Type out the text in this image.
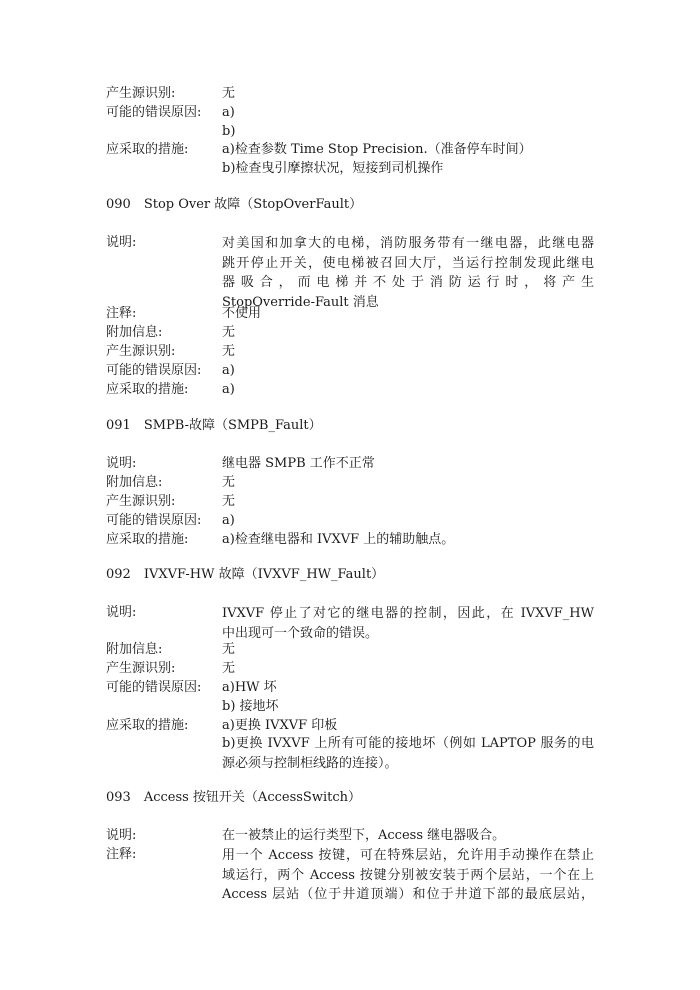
产生源识别:	无
可能的错误原因: a)
b)
应采取的措施:	a)检查参数 Time Stop Precision.（准备停车时间）
b)检查曳引摩擦状况，短接到司机操作
090　Stop Over 故障（StopOverFault）
说明:	对美国和加拿大的电梯，消防服务带有一继电器，此继电器
跳开停止开关，使电梯被召回大厅，当运行控制发现此继电
器吸合，而电梯并不处于消防运行时，将产生
StopOverride-Fault 消息
注释:	不使用
附加信息:	无
产生源识别:	无
可能的错误原因: a)
应采取的措施:	a)
091　SMPB-故障（SMPB_Fault）
说明:	继电器 SMPB 工作不正常
附加信息:	无
产生源识别:	无
可能的错误原因: a)
应采取的措施:	a)检查继电器和 IVXVF 上的辅助触点。
092　IVXVF-HW 故障（IVXVF_HW_Fault）
说明:	IVXVF 停止了对它的继电器的控制，因此，在 IVXVF_HW
中出现可一个致命的错误。
附加信息:	无
产生源识别:	无
可能的错误原因: a)HW 坏
b) 接地坏
应采取的措施:	a)更换 IVXVF 印板
b)更换 IVXVF 上所有可能的接地坏（例如 LAPTOP 服务的电
源必须与控制柜线路的连接）。
093　Access 按钮开关（AccessSwitch）
说明:	在一被禁止的运行类型下，Access 继电器吸合。
注释:	用一个 Access 按键，可在特殊层站，允许用手动操作在禁止
域运行，两个 Access 按键分别被安装于两个层站，一个在上
Access 层站（位于井道顶端）和位于井道下部的最底层站，
